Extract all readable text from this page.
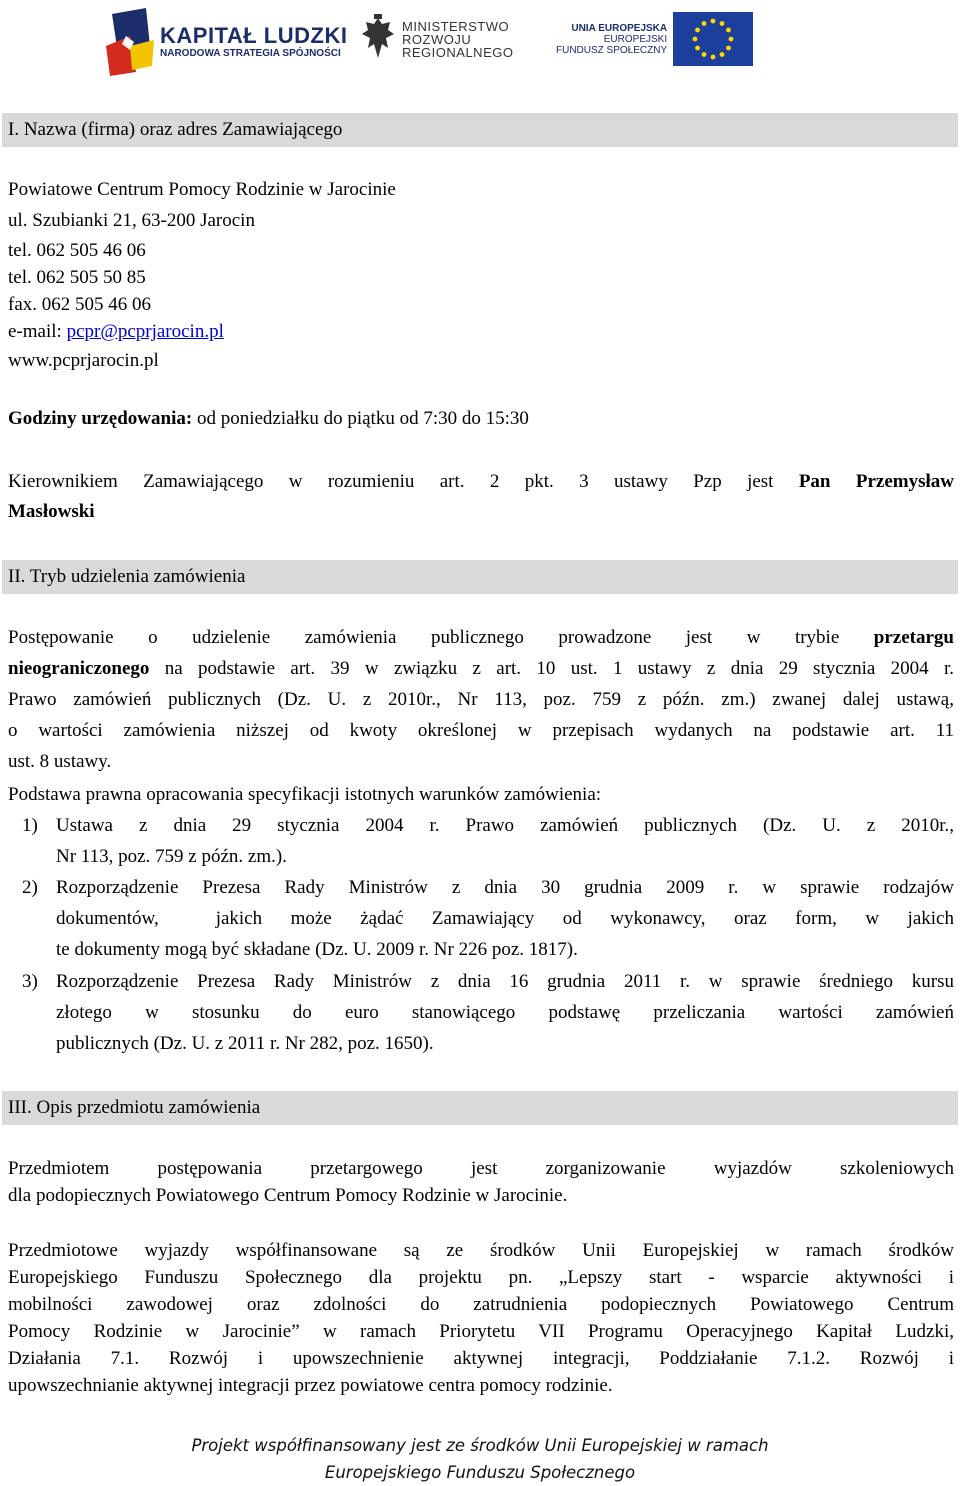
KAPITAŁ LUDZKI
NARODOWA STRATEGIA SPÓJNOŚCI
MINISTERSTWO
ROZWOJU
REGIONALNEGO
UNIA EUROPEJSKA
EUROPEJSKI
FUNDUSZ SPOŁECZNY
I. Nazwa (firma) oraz adres Zamawiającego
Powiatowe Centrum Pomocy Rodzinie w Jarocinie
ul. Szubianki 21, 63-200 Jarocin
tel. 062 505 46 06
tel. 062 505 50 85
fax. 062 505 46 06
e-mail: pcpr@pcprjarocin.pl
www.pcprjarocin.pl
Godziny urzędowania: od poniedziałku do piątku od 7:30 do 15:30
Kierownikiem Zamawiającego w rozumieniu art. 2 pkt. 3 ustawy Pzp jest Pan Przemysław
Masłowski
II. Tryb udzielenia zamówienia
Postępowanie o udzielenie zamówienia publicznego prowadzone jest w trybie przetargu
nieograniczonego na podstawie art. 39 w związku z art. 10 ust. 1 ustawy z dnia 29 stycznia 2004 r.
Prawo zamówień publicznych (Dz. U. z 2010r., Nr 113, poz. 759 z późn. zm.) zwanej dalej ustawą,
o wartości zamówienia niższej od kwoty określonej w przepisach wydanych na podstawie art. 11
ust. 8 ustawy.
Podstawa prawna opracowania specyfikacji istotnych warunków zamówienia:
1) Ustawa z dnia 29 stycznia 2004 r. Prawo zamówień publicznych (Dz. U. z 2010r.,
Nr 113, poz. 759 z późn. zm.).
2) Rozporządzenie Prezesa Rady Ministrów z dnia 30 grudnia 2009 r. w sprawie rodzajów
dokumentów,  jakich może żądać Zamawiający od wykonawcy, oraz form, w jakich
te dokumenty mogą być składane (Dz. U. 2009 r. Nr 226 poz. 1817).
3) Rozporządzenie Prezesa Rady Ministrów z dnia 16 grudnia 2011 r. w sprawie średniego kursu
złotego w stosunku do euro stanowiącego podstawę przeliczania wartości zamówień
publicznych (Dz. U. z 2011 r. Nr 282, poz. 1650).
III. Opis przedmiotu zamówienia
Przedmiotem postępowania przetargowego jest zorganizowanie wyjazdów szkoleniowych
dla podopiecznych Powiatowego Centrum Pomocy Rodzinie w Jarocinie.
Przedmiotowe wyjazdy współfinansowane są ze środków Unii Europejskiej w ramach środków
Europejskiego Funduszu Społecznego dla projektu pn. „Lepszy start - wsparcie aktywności i
mobilności zawodowej oraz zdolności do zatrudnienia podopiecznych Powiatowego Centrum
Pomocy Rodzinie w Jarocinie” w ramach Priorytetu VII Programu Operacyjnego Kapitał Ludzki,
Działania 7.1. Rozwój i upowszechnienie aktywnej integracji, Poddziałanie 7.1.2. Rozwój i
upowszechnianie aktywnej integracji przez powiatowe centra pomocy rodzinie.
Projekt współfinansowany jest ze środków Unii Europejskiej w ramach
Europejskiego Funduszu Społecznego
